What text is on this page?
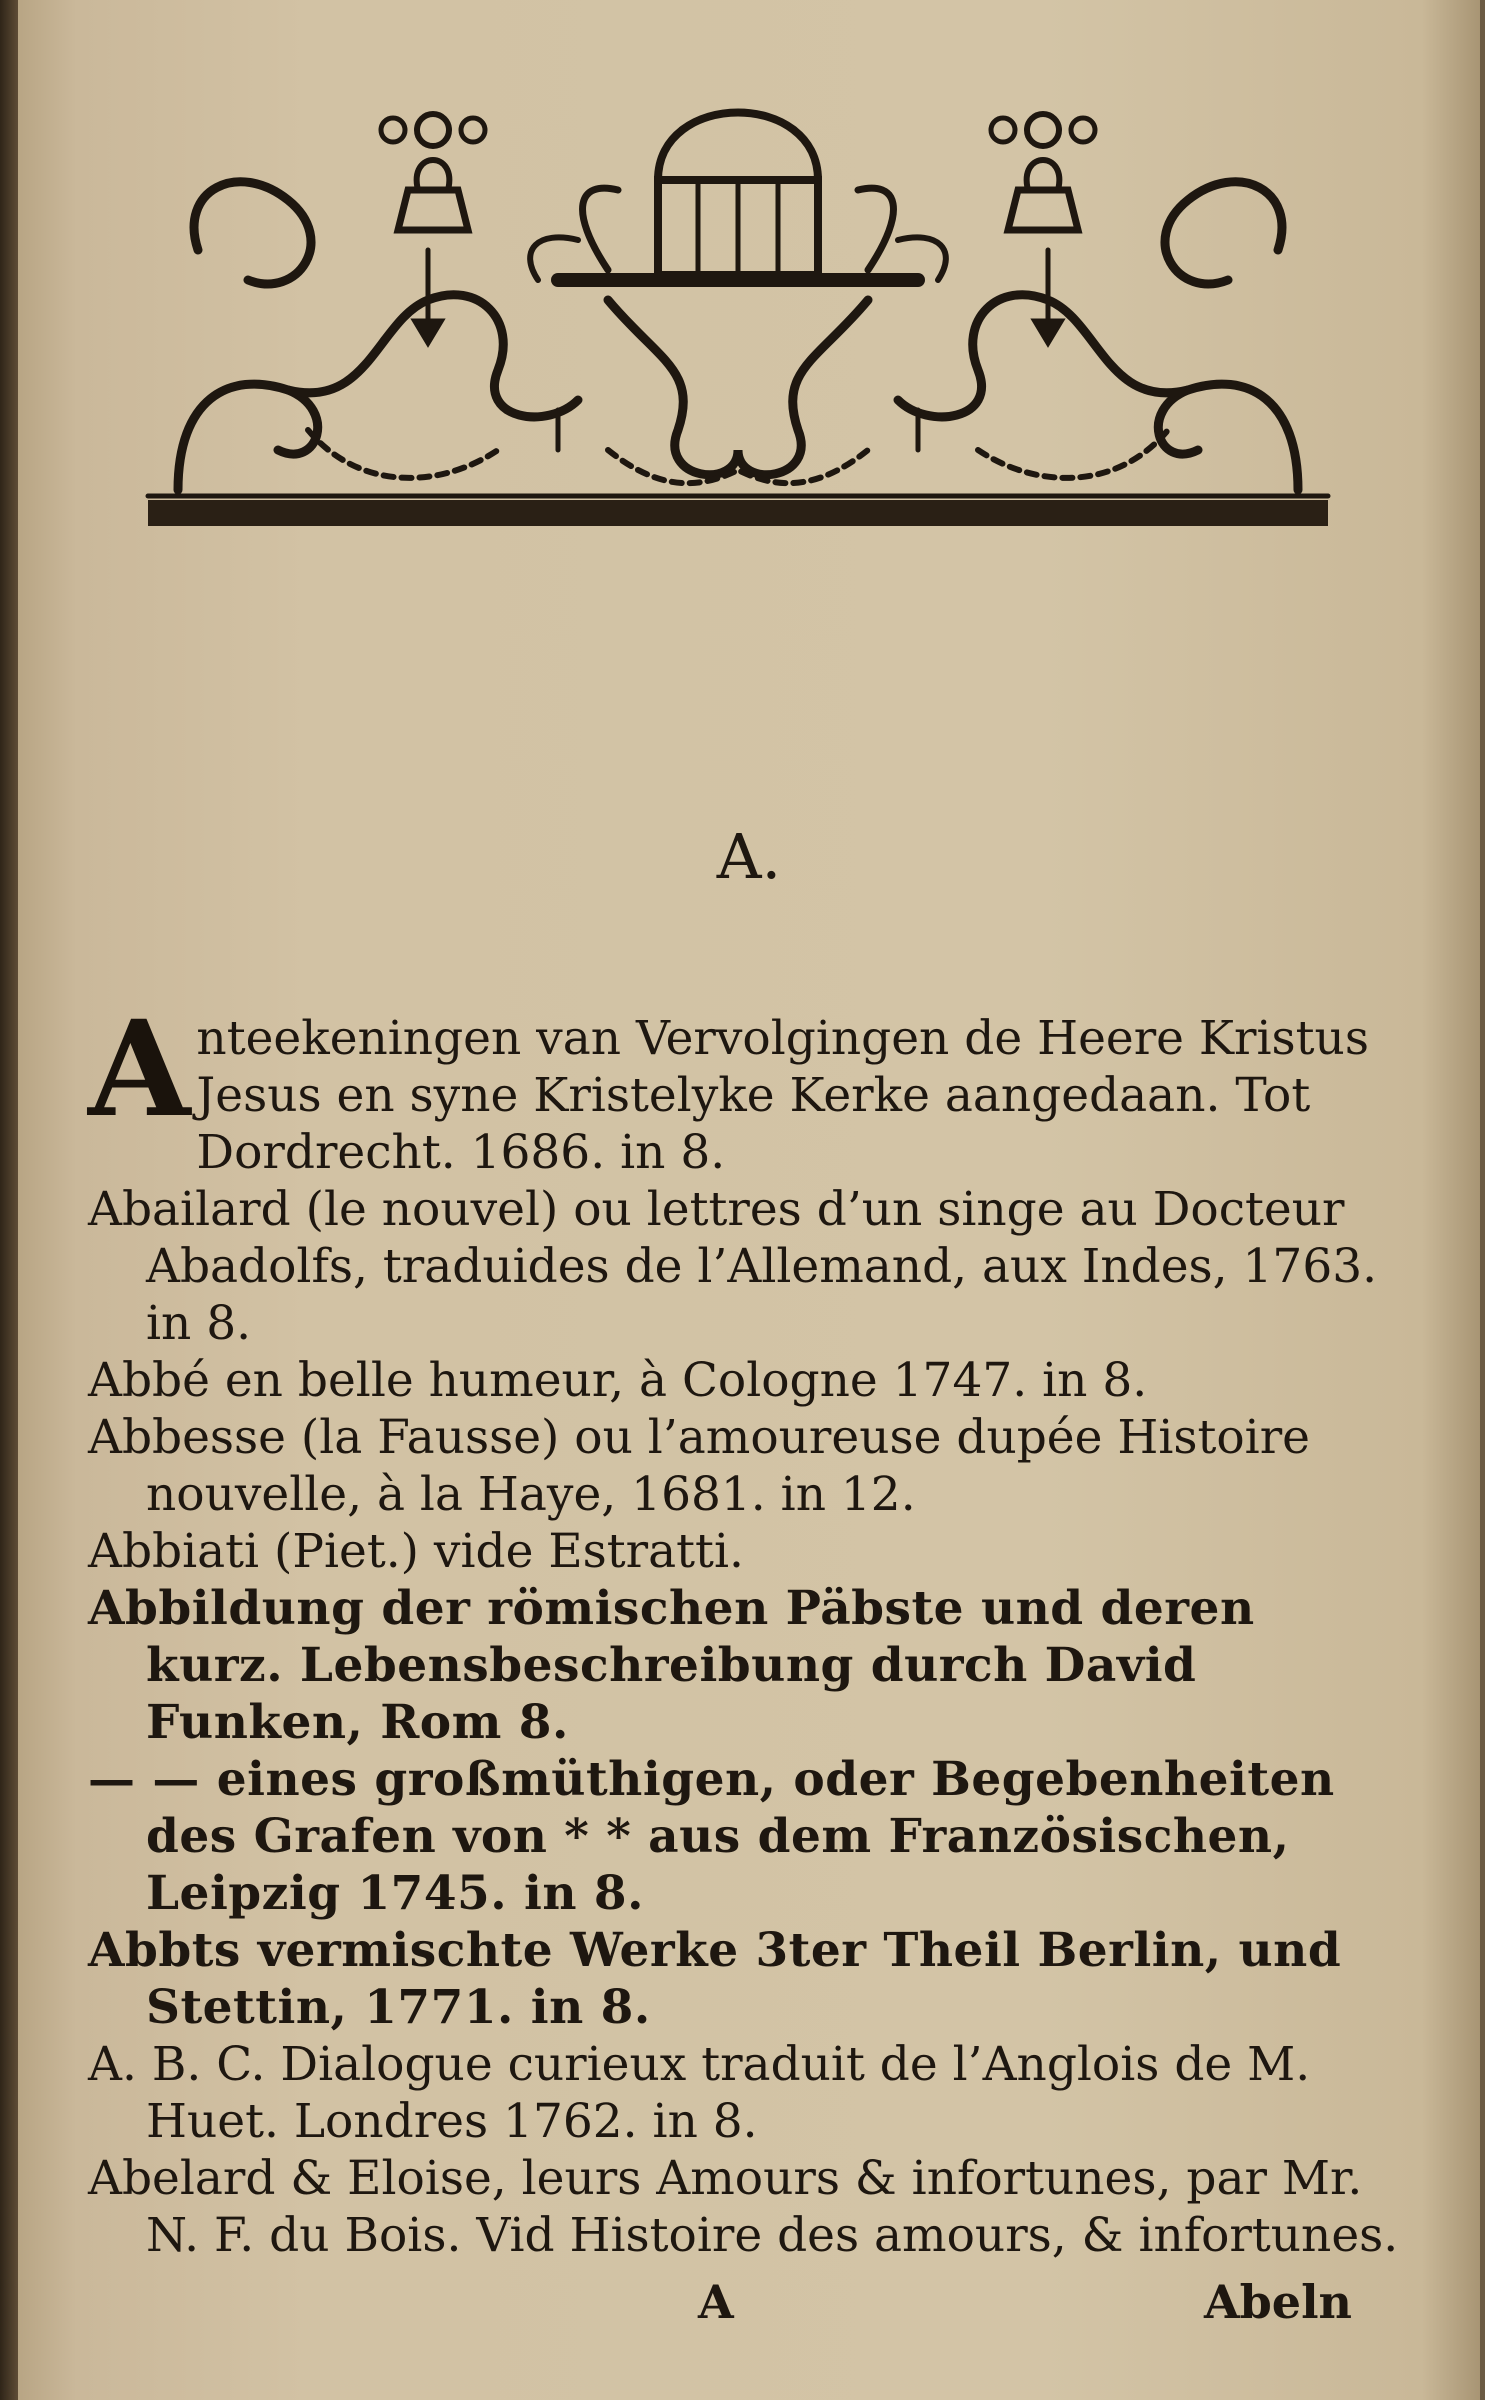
A.
A nteekeningen van Vervolgingen de Heere Kristus Jesus en syne Kristelyke Kerke aangedaan. Tot Dordrecht. 1686. in 8.
Abailard (le nouvel) ou lettres d’un singe au Docteur Abadolfs, traduides de l’Allemand, aux Indes, 1763. in 8.
Abbé en belle humeur, à Cologne 1747. in 8.
Abbesse (la Fausse) ou l’amoureuse dupée Histoire nouvelle, à la Haye, 1681. in 12.
Abbiati (Piet.) vide Estratti.
Abbildung der römischen Päbste und deren kurz. Lebensbeschreibung durch David Funken, Rom 8.
— — eines großmüthigen, oder Begebenheiten des Grafen von * * aus dem Französischen, Leipzig 1745. in 8.
Abbts vermischte Werke 3ter Theil Berlin, und Stettin, 1771. in 8.
A. B. C. Dialogue curieux traduit de l’Anglois de M. Huet. Londres 1762. in 8.
Abelard & Eloise, leurs Amours & infortunes, par Mr. N. F. du Bois. Vid Histoire des amours, & infortunes.
A	Abeln
